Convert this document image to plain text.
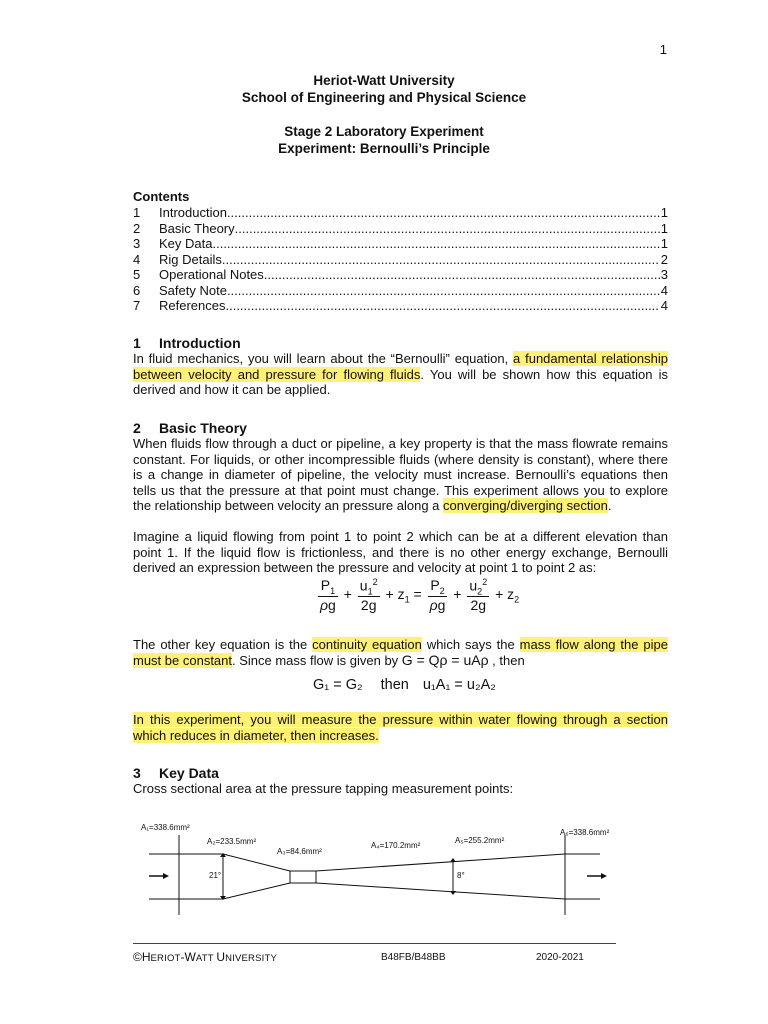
1
Heriot-Watt University
School of Engineering and Physical Science
Stage 2 Laboratory Experiment
Experiment: Bernoulli’s Principle
Contents
1	Introduction .....	1
2	Basic Theory .....	1
3	Key Data .....	1
4	Rig Details .....	2
5	Operational Notes .....	3
6	Safety Note .....	4
7	References .....	4
1 Introduction
In fluid mechanics, you will learn about the “Bernoulli” equation, a fundamental relationship between velocity and pressure for flowing fluids. You will be shown how this equation is derived and how it can be applied.
2 Basic Theory
When fluids flow through a duct or pipeline, a key property is that the mass flowrate remains constant. For liquids, or other incompressible fluids (where density is constant), where there is a change in diameter of pipeline, the velocity must increase. Bernoulli’s equations then tells us that the pressure at that point must change. This experiment allows you to explore the relationship between velocity an pressure along a converging/diverging section.
Imagine a liquid flowing from point 1 to point 2 which can be at a different elevation than point 1. If the liquid flow is frictionless, and there is no other energy exchange, Bernoulli derived an expression between the pressure and velocity at point 1 to point 2 as:
$\frac{P_1}{\rho g} + \frac{u_1^2}{2g} + z_1 = \frac{P_2}{\rho g} + \frac{u_2^2}{2g} + z_2$
The other key equation is the continuity equation which says the mass flow along the pipe must be constant. Since mass flow is given by G = Qρ = uAρ , then
G₁ = G₂ then u₁A₁ = u₂A₂
In this experiment, you will measure the pressure within water flowing through a section which reduces in diameter, then increases.
3 Key Data
Cross sectional area at the pressure tapping measurement points:
A₁=338.6mm²
A₂=233.5mm²
A₃=84.6mm²
A₄=170.2mm²
A₅=255.2mm²
A₆=338.6mm²
21°	8°
©HERIOT-WATT UNIVERSITY	B48FB/B48BB	2020-2021
